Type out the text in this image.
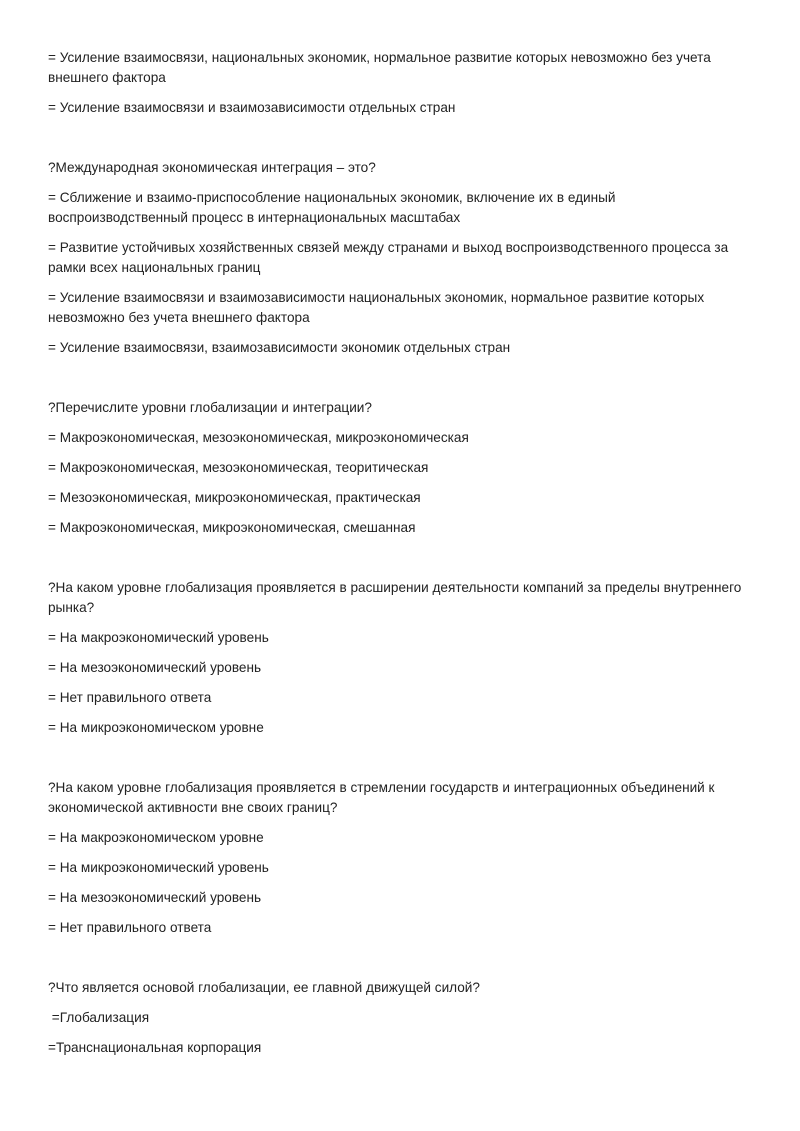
= Усиление взаимосвязи, национальных экономик, нормальное развитие которых невозможно без учета внешнего фактора

= Усиление взаимосвязи и взаимозависимости отдельных стран

?Международная экономическая интеграция – это?

= Сближение и взаимо-приспособление национальных экономик, включение их в единый воспроизводственный процесс в интернациональных масштабах

= Развитие устойчивых хозяйственных связей между странами и выход воспроизводственного процесса за рамки всех национальных границ

= Усиление взаимосвязи и взаимозависимости национальных экономик, нормальное развитие которых невозможно без учета внешнего фактора

= Усиление взаимосвязи, взаимозависимости экономик отдельных стран

?Перечислите уровни глобализации и интеграции?

= Макроэкономическая, мезоэкономическая, микроэкономическая

= Макроэкономическая, мезоэкономическая, теоритическая

= Мезоэкономическая, микроэкономическая, практическая

= Макроэкономическая, микроэкономическая, смешанная

?На каком уровне глобализация проявляется в расширении деятельности компаний за пределы внутреннего рынка?

= На макроэкономический уровень

= На мезоэкономический уровень

= Нет правильного ответа

= На микроэкономическом уровне

?На каком уровне глобализация проявляется в стремлении государств и интеграционных объединений к экономической активности вне своих границ?

= На макроэкономическом уровне

= На микроэкономический уровень

= На мезоэкономический уровень

= Нет правильного ответа

?Что является основой глобализации, ее главной движущей силой?

=Глобализация

=Транснациональная корпорация
